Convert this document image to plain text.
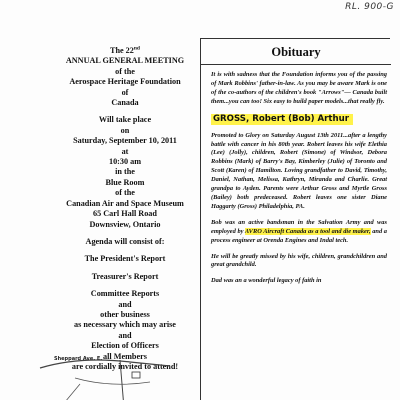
RL. 900-G
The 22nd
ANNUAL GENERAL MEETING
of the
Aerospace Heritage Foundation
of
Canada
Will take place
on
Saturday, September 10, 2011
at
10:30 am
in the
Blue Room
of the
Canadian Air and Space Museum
65 Carl Hall Road
Downsview, Ontario
Agenda will consist of:
The President's Report
Treasurer's Report
Committee Reports
and
other business
as necessary which may arise
and
Election of Officers
all Members
are cordially invited to attend!
Sheppard Ave. E.
Obituary

It is with sadness that the Foundation informs you of the passing of Mark Robbins' father-in-law. As you may be aware Mark is one of the co-authors of the children's book "Arrows"— Canada built them...you can too! Six easy to build paper models...that really fly.

GROSS, Robert (Bob) Arthur

Promoted to Glory on Saturday August 13th 2011...after a lengthy battle with cancer in his 80th year. Robert leaves his wife Elethia (Lee) (Jolly), children, Robert (Simone) of Windsor, Debora Robbins (Mark) of Barry's Bay, Kimberley (Julie) of Toronto and Scott (Karen) of Hamilton. Loving grandfather to David, Timothy, Daniel, Nathan, Melissa, Kathryn, Miranda and Charlie. Great grandpa to Ayden. Parents were Arthur Gross and Myrtle Gross (Bailey) both predeceased. Robert leaves one sister Diane Haggarty (Gross) Philadelphia, PA.

Bob was an active bandsman in the Salvation Army and was employed by AVRO Aircraft Canada as a tool and die maker, and a process engineer at Orenda Engines and Indal tech.

He will be greatly missed by his wife, children, grandchildren and great grandchild.

Dad was an a wonderful legacy of faith in
